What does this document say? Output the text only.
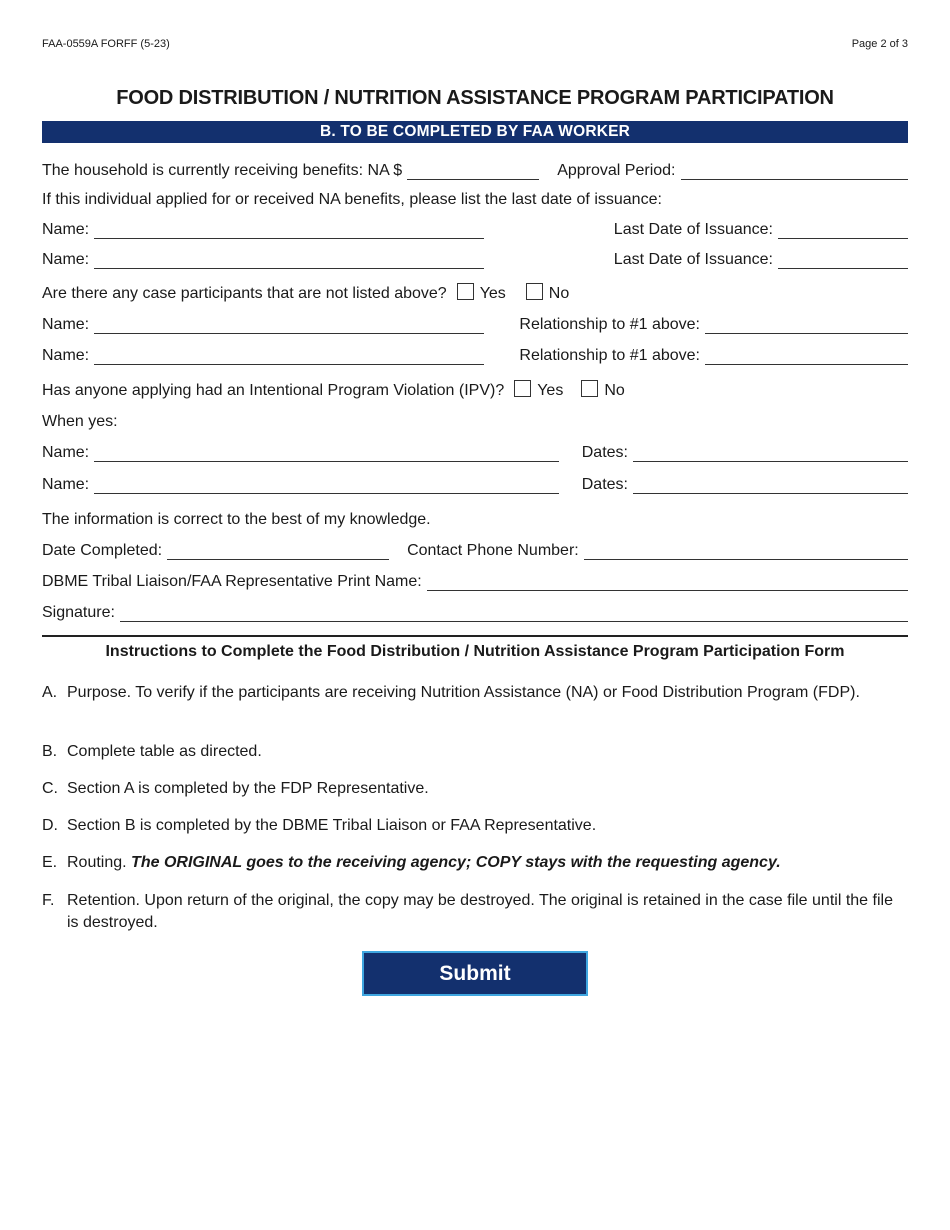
FAA-0559A FORFF (5-23)	Page 2 of 3
FOOD DISTRIBUTION / NUTRITION ASSISTANCE PROGRAM PARTICIPATION
B. TO BE COMPLETED BY FAA WORKER
The household is currently receiving benefits: NA $	Approval Period:
If this individual applied for or received NA benefits, please list the last date of issuance:
Name:	Last Date of Issuance:
Name:	Last Date of Issuance:
Are there any case participants that are not listed above? Yes	No
Name:	Relationship to #1 above:
Name:	Relationship to #1 above:
Has anyone applying had an Intentional Program Violation (IPV)? Yes	No
When yes:
Name:	Dates:
Name:	Dates:
The information is correct to the best of my knowledge.
Date Completed:	Contact Phone Number:
DBME Tribal Liaison/FAA Representative Print Name:
Signature:
Instructions to Complete the Food Distribution / Nutrition Assistance Program Participation Form
A. Purpose. To verify if the participants are receiving Nutrition Assistance (NA) or Food Distribution Program (FDP).
B. Complete table as directed.
C. Section A is completed by the FDP Representative.
D. Section B is completed by the DBME Tribal Liaison or FAA Representative.
E. Routing. The ORIGINAL goes to the receiving agency; COPY stays with the requesting agency.
F. Retention. Upon return of the original, the copy may be destroyed. The original is retained in the case file until the file is destroyed.
Submit
